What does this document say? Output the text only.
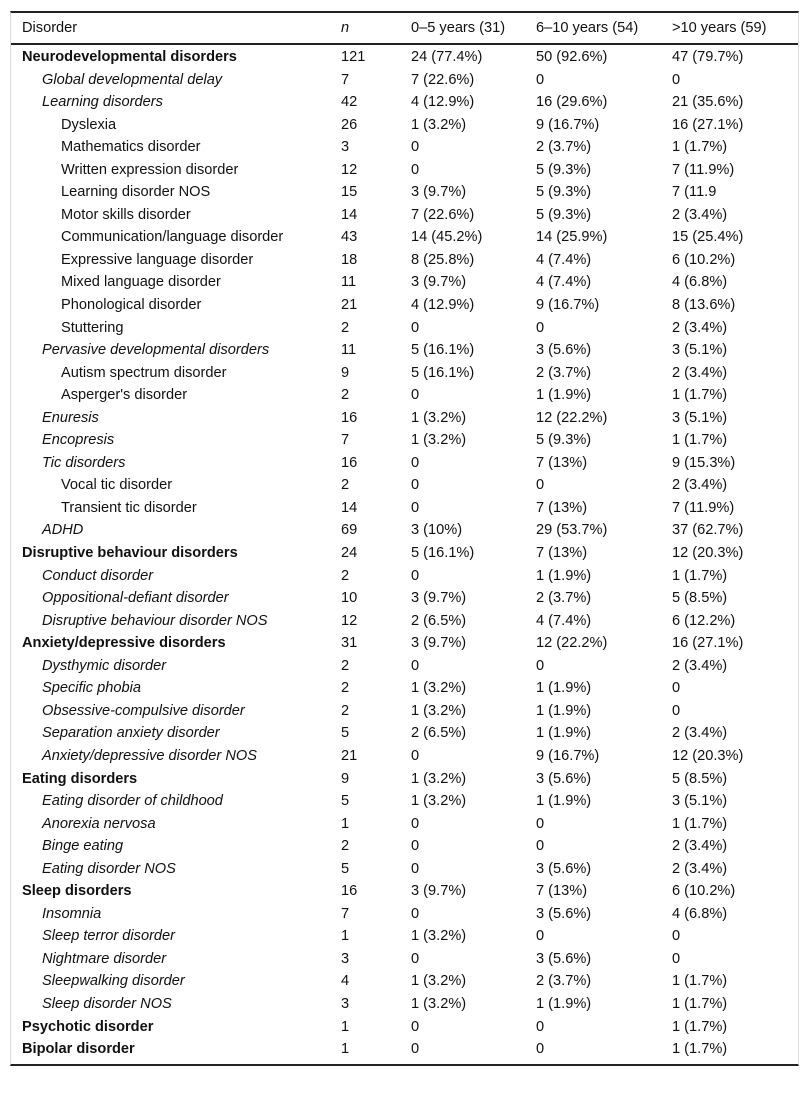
Disorder	n	0–5 years (31)	6–10 years (54)	>10 years (59)
Neurodevelopmental disorders	121	24 (77.4%)	50 (92.6%)	47 (79.7%)
Global developmental delay	7	7 (22.6%)	0	0
Learning disorders	42	4 (12.9%)	16 (29.6%)	21 (35.6%)
Dyslexia	26	1 (3.2%)	9 (16.7%)	16 (27.1%)
Mathematics disorder	3	0	2 (3.7%)	1 (1.7%)
Written expression disorder	12	0	5 (9.3%)	7 (11.9%)
Learning disorder NOS	15	3 (9.7%)	5 (9.3%)	7 (11.9
Motor skills disorder	14	7 (22.6%)	5 (9.3%)	2 (3.4%)
Communication/language disorder	43	14 (45.2%)	14 (25.9%)	15 (25.4%)
Expressive language disorder	18	8 (25.8%)	4 (7.4%)	6 (10.2%)
Mixed language disorder	11	3 (9.7%)	4 (7.4%)	4 (6.8%)
Phonological disorder	21	4 (12.9%)	9 (16.7%)	8 (13.6%)
Stuttering	2	0	0	2 (3.4%)
Pervasive developmental disorders	11	5 (16.1%)	3 (5.6%)	3 (5.1%)
Autism spectrum disorder	9	5 (16.1%)	2 (3.7%)	2 (3.4%)
Asperger's disorder	2	0	1 (1.9%)	1 (1.7%)
Enuresis	16	1 (3.2%)	12 (22.2%)	3 (5.1%)
Encopresis	7	1 (3.2%)	5 (9.3%)	1 (1.7%)
Tic disorders	16	0	7 (13%)	9 (15.3%)
Vocal tic disorder	2	0	0	2 (3.4%)
Transient tic disorder	14	0	7 (13%)	7 (11.9%)
ADHD	69	3 (10%)	29 (53.7%)	37 (62.7%)
Disruptive behaviour disorders	24	5 (16.1%)	7 (13%)	12 (20.3%)
Conduct disorder	2	0	1 (1.9%)	1 (1.7%)
Oppositional-defiant disorder	10	3 (9.7%)	2 (3.7%)	5 (8.5%)
Disruptive behaviour disorder NOS	12	2 (6.5%)	4 (7.4%)	6 (12.2%)
Anxiety/depressive disorders	31	3 (9.7%)	12 (22.2%)	16 (27.1%)
Dysthymic disorder	2	0	0	2 (3.4%)
Specific phobia	2	1 (3.2%)	1 (1.9%)	0
Obsessive-compulsive disorder	2	1 (3.2%)	1 (1.9%)	0
Separation anxiety disorder	5	2 (6.5%)	1 (1.9%)	2 (3.4%)
Anxiety/depressive disorder NOS	21	0	9 (16.7%)	12 (20.3%)
Eating disorders	9	1 (3.2%)	3 (5.6%)	5 (8.5%)
Eating disorder of childhood	5	1 (3.2%)	1 (1.9%)	3 (5.1%)
Anorexia nervosa	1	0	0	1 (1.7%)
Binge eating	2	0	0	2 (3.4%)
Eating disorder NOS	5	0	3 (5.6%)	2 (3.4%)
Sleep disorders	16	3 (9.7%)	7 (13%)	6 (10.2%)
Insomnia	7	0	3 (5.6%)	4 (6.8%)
Sleep terror disorder	1	1 (3.2%)	0	0
Nightmare disorder	3	0	3 (5.6%)	0
Sleepwalking disorder	4	1 (3.2%)	2 (3.7%)	1 (1.7%)
Sleep disorder NOS	3	1 (3.2%)	1 (1.9%)	1 (1.7%)
Psychotic disorder	1	0	0	1 (1.7%)
Bipolar disorder	1	0	0	1 (1.7%)
